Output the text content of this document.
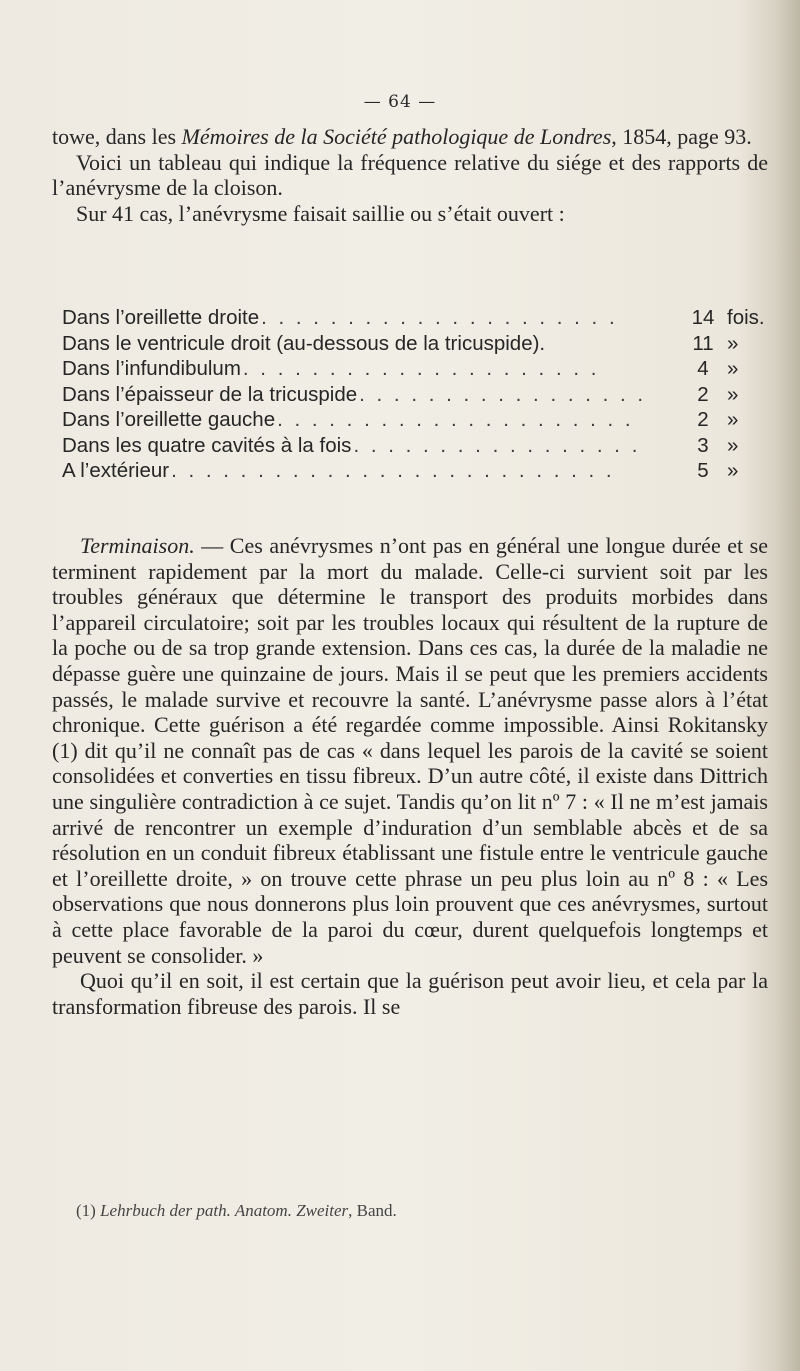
— 64 —

towe, dans les Mémoires de la Société pathologique de Londres, 1854, page 93.

Voici un tableau qui indique la fréquence relative du siége et des rapports de l’anévrysme de la cloison.

Sur 41 cas, l’anévrysme faisait saillie ou s’était ouvert :

Dans l’oreillette droite . . . . . . . . . . . . . . . . . . . . .	14 fois.
Dans le ventricule droit (au-dessous de la tricuspide).	11 »
Dans l’infundibulum . . . . . . . . . . . . . . . . . . . . .	4 »
Dans l’épaisseur de la tricuspide . . . . . . . . . . . . . . . . .	2 »
Dans l’oreillette gauche . . . . . . . . . . . . . . . . . . . . .	2 »
Dans les quatre cavités à la fois . . . . . . . . . . . . . . . . .	3 »
A l’extérieur . . . . . . . . . . . . . . . . . . . . . . . . . .	5 »

Terminaison. — Ces anévrysmes n’ont pas en général une longue durée et se terminent rapidement par la mort du malade. Celle-ci survient soit par les troubles généraux que détermine le transport des produits morbides dans l’appareil circulatoire; soit par les troubles locaux qui résultent de la rupture de la poche ou de sa trop grande extension. Dans ces cas, la durée de la maladie ne dépasse guère une quinzaine de jours. Mais il se peut que les premiers accidents passés, le malade survive et recouvre la santé. L’anévrysme passe alors à l’état chronique. Cette guérison a été regardée comme impossible. Ainsi Rokitansky (1) dit qu’il ne connaît pas de cas « dans lequel les parois de la cavité se soient consolidées et converties en tissu fibreux. D’un autre côté, il existe dans Dittrich une singulière contradiction à ce sujet. Tandis qu’on lit nº 7 : « Il ne m’est jamais arrivé de rencontrer un exemple d’induration d’un semblable abcès et de sa résolution en un conduit fibreux établissant une fistule entre le ventricule gauche et l’oreillette droite, » on trouve cette phrase un peu plus loin au nº 8 : « Les observations que nous donnerons plus loin prouvent que ces anévrysmes, surtout à cette place favorable de la paroi du cœur, durent quelquefois longtemps et peuvent se consolider. »

Quoi qu’il en soit, il est certain que la guérison peut avoir lieu, et cela par la transformation fibreuse des parois. Il se

(1) Lehrbuch der path. Anatom. Zweiter, Band.
